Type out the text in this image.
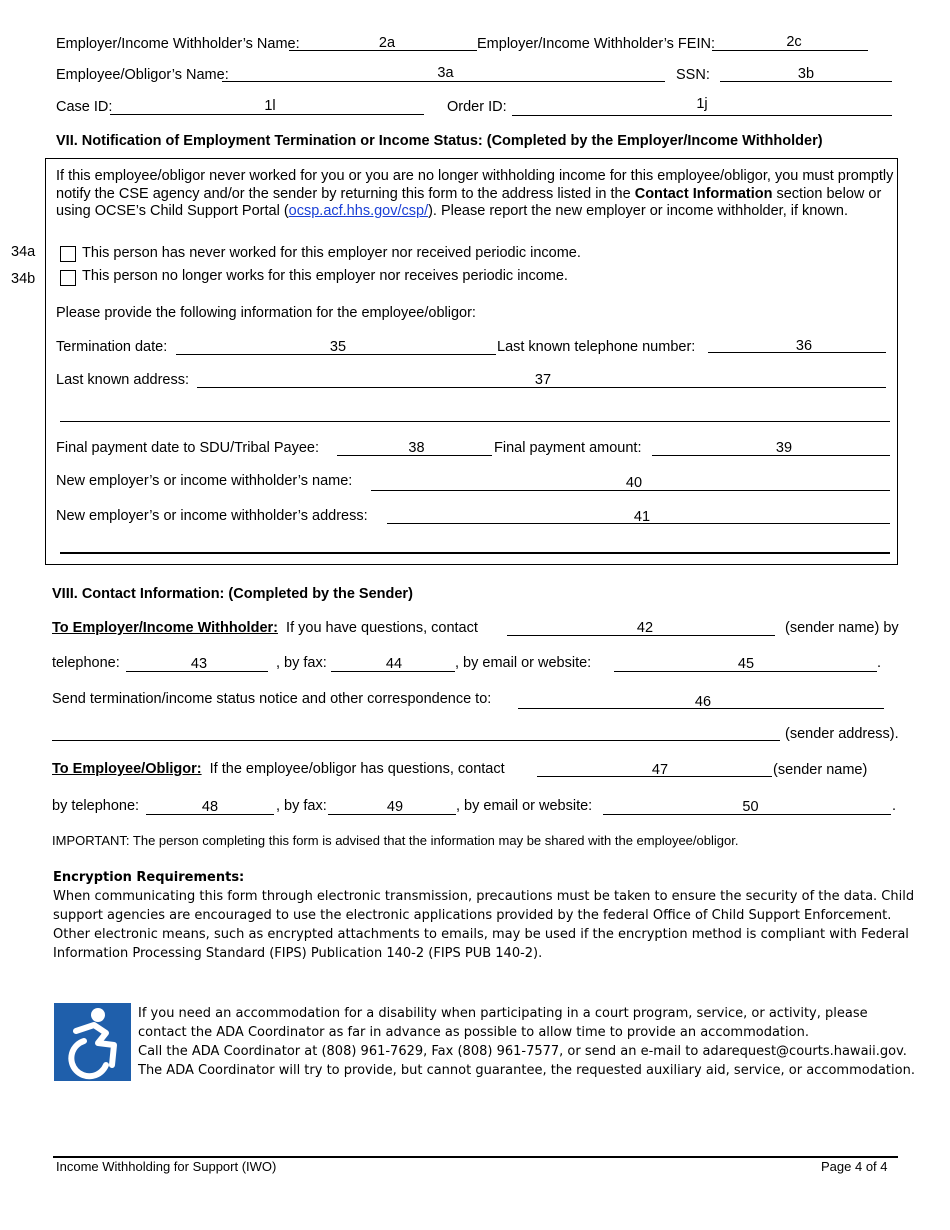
Employer/Income Withholder’s Name:	2a	Employer/Income Withholder’s FEIN:	2c
Employee/Obligor’s Name:	3a	SSN:	3b
Case ID:	1l	Order ID:	1j
VII. Notification of Employment Termination or Income Status: (Completed by the Employer/Income Withholder)
If this employee/obligor never worked for you or you are no longer withholding income for this employee/obligor, you must promptly notify the CSE agency and/or the sender by returning this form to the address listed in the Contact Information section below or using OCSE’s Child Support Portal (ocsp.acf.hhs.gov/csp/). Please report the new employer or income withholder, if known.
34a	This person has never worked for this employer nor received periodic income.
34b	This person no longer works for this employer nor receives periodic income.
Please provide the following information for the employee/obligor:
Termination date:	35	Last known telephone number:	36
Last known address:	37
Final payment date to SDU/Tribal Payee:	38	Final payment amount:	39
New employer’s or income withholder’s name:	40
New employer’s or income withholder’s address:	41
VIII. Contact Information: (Completed by the Sender)
To Employer/Income Withholder: If you have questions, contact	42	(sender name) by
telephone:	43	, by fax:	44	, by email or website:	45	.
Send termination/income status notice and other correspondence to:	46
(sender address).
To Employee/Obligor: If the employee/obligor has questions, contact	47	(sender name)
by telephone:	48	, by fax:	49	, by email or website:	50	.
IMPORTANT: The person completing this form is advised that the information may be shared with the employee/obligor.
Encryption Requirements:
When communicating this form through electronic transmission, precautions must be taken to ensure the security of the data. Child
support agencies are encouraged to use the electronic applications provided by the federal Office of Child Support Enforcement.
Other electronic means, such as encrypted attachments to emails, may be used if the encryption method is compliant with Federal
Information Processing Standard (FIPS) Publication 140-2 (FIPS PUB 140-2).
If you need an accommodation for a disability when participating in a court program, service, or activity, please
contact the ADA Coordinator as far in advance as possible to allow time to provide an accommodation.
Call the ADA Coordinator at (808) 961-7629, Fax (808) 961-7577, or send an e-mail to adarequest@courts.hawaii.gov.
The ADA Coordinator will try to provide, but cannot guarantee, the requested auxiliary aid, service, or accommodation.
Income Withholding for Support (IWO)	Page 4 of 4
